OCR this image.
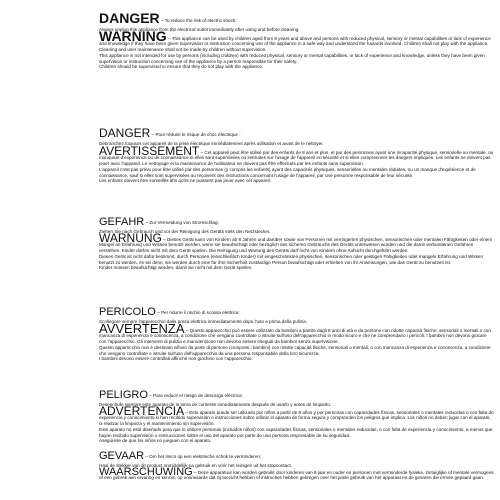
DANGER – To reduce the risk of electric shock:
Always unplug this appliance from the electrical outlet immediately after using and before cleaning.
WARNING – This appliance can be used by children aged from 8 years and above and persons with reduced physical, sensory or mental capabilities or lack of experience and knowledge if they have been given supervision or instruction concerning use of the appliance in a safe way and understand the hazards involved. Children shall not play with the appliance.
Cleaning and user maintenance shall not be made by children without supervision.
This appliance is not intended for use by persons (including children) with reduced physical, sensory or mental capabilities, or lack of experience and knowledge, unless they have been given supervision or instruction concerning use of the appliance by a person responsible for their safety.
Children should be supervised to ensure that they do not play with the appliance.
DANGER – Pour réduire le risque de choc électrique :
Débranchez toujours cet appareil de la prise électrique immédiatement après utilisation et avant de le nettoyer.
AVERTISSEMENT – Cet appareil peut être utilisé par des enfants de 8 ans et plus, et par des personnes ayant une incapacité physique, sensorielle ou mentale, ou manquant d'expérience ou de connaissance si elles sont supervisées ou instruites sur l'usage de l'appareil en sécurité et si elles comprennent les dangers impliqués. Les enfants ne doivent pas jouer avec l'appareil. Le nettoyage et la maintenance de l'utilisateur ne doivent pas être effectués par les enfants sans supervision.
L'appareil n'est pas prévu pour être utilisé par des personnes (y compris les enfants) ayant des capacités physiques, sensorielles ou mentales réduites, ou un manque d'expérience et de connaissance, sauf si elles sont supervisées ou reçoivent des instructions concernant l'usage de l'appareil, par une personne responsable de leur sécurité.
Les enfants doivent être surveillés afin qu'ils ne puissent pas jouer avec cet appareil.
GEFAHR – Zur Vermeidung von Stromschlag:
Ziehen Sie nach Gebrauch und vor der Reinigung des Geräts stets den Netzstecker.
WARNUNG – Dieses Gerät kann von Kindern ab 8 Jahren und darüber sowie von Personen mit verringerten physischen, sensorischen oder mentalen Fähigkeiten oder einem Mangel an Erfahrung und Wissen benutzt werden, wenn sie beaufsichtigt oder bezüglich des sicheren Gebrauchs des Geräts unterwiesen wurden und die damit verbundenen Gefahren verstehen. Kinder dürfen nicht mit dem Gerät spielen. Die Reinigung und Wartung des Geräts darf nicht von Kindern ohne Aufsicht durchgeführt werden.
Dieses Gerät ist nicht dafür bestimmt, durch Personen (einschließlich Kinder) mit eingeschränkten physischen, sensorischen oder geistigen Fähigkeiten oder mangels Erfahrung und Wissen benutzt zu werden, es sei denn, sie werden durch eine für ihre Sicherheit zuständige Person beaufsichtigt oder erhielten von ihr Anweisungen, wie das Gerät zu benutzen ist.
Kinder müssen beaufsichtigt werden, damit sie nicht mit dem Gerät spielen.
PERICOLO – Per ridurre il rischio di scossa elettrica:
Scollegare sempre l'apparecchio dalla presa elettrica immediatamente dopo l'uso e prima della pulizia.
AVVERTENZA – Questo apparecchio può essere utilizzato da bambini a partire dagli 8 anni di età e da persone con ridotte capacità fisiche, sensoriali o mentali o con mancanza di esperienza e conoscenza, a condizione che vengano controllate o istruite sull'uso dell'apparecchio in modo sicuro e che ne comprendano i pericoli. I bambini non devono giocare con l'apparecchio. Gli interventi di pulizia e manutenzione non devono essere eseguiti da bambini senza supervisione.
Questo apparecchio non è destinato all'uso da parte di persone (compresi i bambini) con ridotte capacità fisiche, sensoriali o mentali, o con mancanza di esperienza e conoscenza, a condizione che vengano controllate o istruite sull'uso dell'apparecchio da una persona responsabile della loro sicurezza.
I bambini devono essere controllati affinché non giochino con l'apparecchio.
PELIGRO – Para reducir el riesgo de descarga eléctrica:
Desenchufe siempre este aparato de la toma de corriente inmediatamente después de usarlo y antes de limpiarlo.
ADVERTENCIA – Este aparato puede ser utilizado por niños a partir de 8 años y por personas con capacidades físicas, sensoriales o mentales reducidas o con falta de experiencia y conocimiento si han recibido supervisión o instrucciones sobre utilizar el aparato de forma segura y comprenden los peligros que implica. Los niños no deben jugar con el aparato, ni realizar la limpieza y el mantenimiento sin supervisión.
Este aparato no está diseñado para que lo utilicen personas (incluidos niños) con capacidades físicas, sensoriales o mentales reducidas, o con falta de experiencia y conocimiento, a menos que hayan recibido supervisión o instrucciones sobre el uso del aparato por parte de una persona responsable de su seguridad.
Asegúrese de que los niños no jueguen con el aparato.
GEVAAR – Om het risico op een elektrische schok te verminderen:
Haal de stekker van dit product onmiddellijk na gebruik en vóór het reinigen uit het stopcontact.
WAARSCHUWING – Deze apparatuur kan worden gebruikt door kinderen van 8 jaar en ouder en personen met verminderde fysieke, zintuiglijke of mentale vermogens of een gebrek aan ervaring en kennis, op voorwaarde dat zij toezicht hebben of instructies hebben gekregen over het juiste gebruik van het apparaat en de gevaren die ermee gepaard gaan.
